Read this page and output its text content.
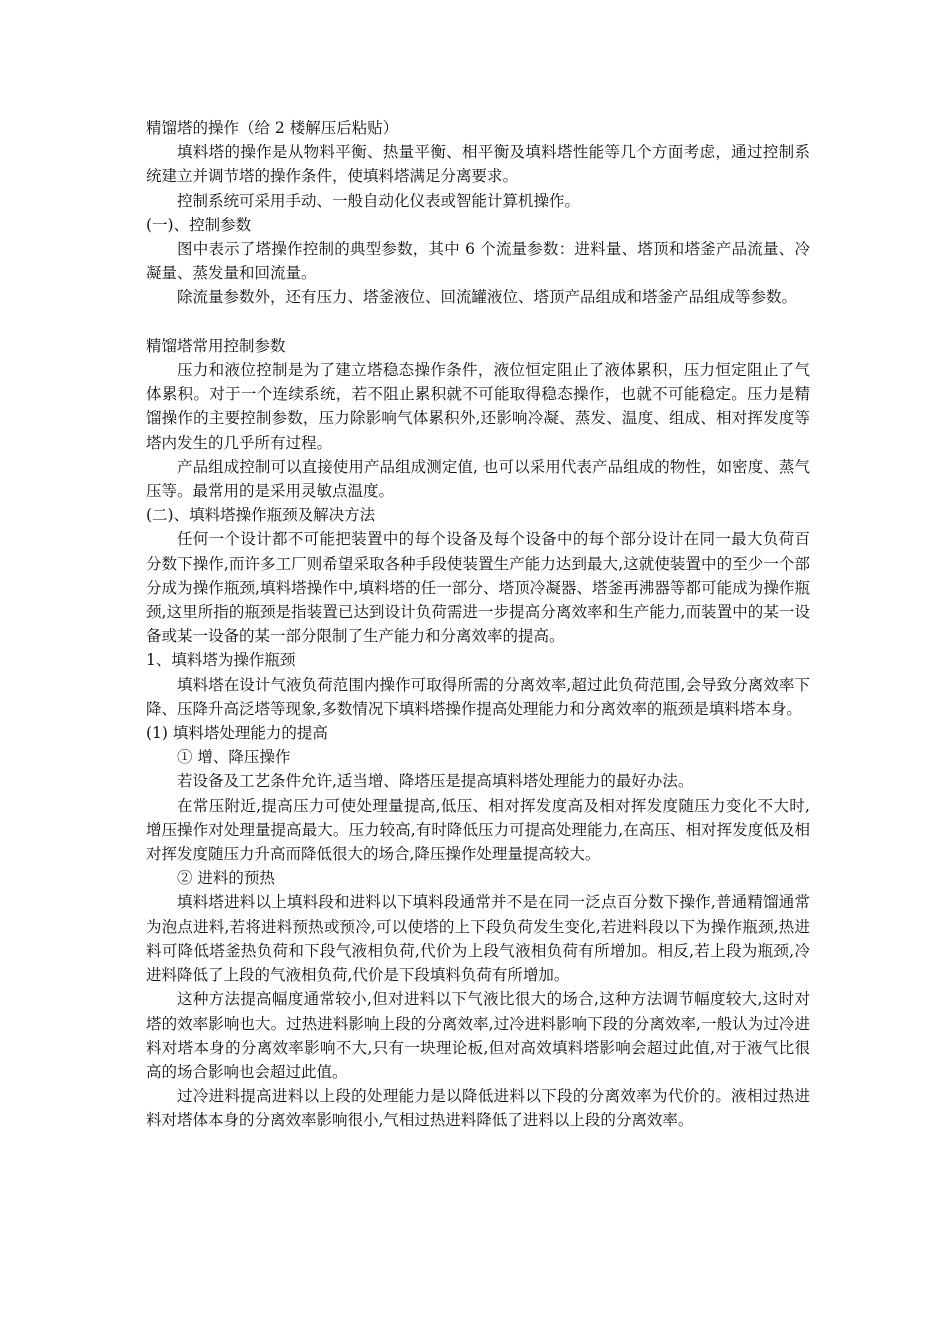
精馏塔的操作（给 2 楼解压后粘贴）

填料塔的操作是从物料平衡、热量平衡、相平衡及填料塔性能等几个方面考虑，通过控制系统建立并调节塔的操作条件，使填料塔满足分离要求。

控制系统可采用手动、一般自动化仪表或智能计算机操作。

(一)、控制参数

图中表示了塔操作控制的典型参数，其中 6 个流量参数：进料量、塔顶和塔釜产品流量、冷凝量、蒸发量和回流量。

除流量参数外，还有压力、塔釜液位、回流罐液位、塔顶产品组成和塔釜产品组成等参数。

精馏塔常用控制参数

压力和液位控制是为了建立塔稳态操作条件，液位恒定阻止了液体累积，压力恒定阻止了气体累积。对于一个连续系统，若不阻止累积就不可能取得稳态操作，也就不可能稳定。压力是精馏操作的主要控制参数，压力除影响气体累积外,还影响冷凝、蒸发、温度、组成、相对挥发度等塔内发生的几乎所有过程。

产品组成控制可以直接使用产品组成测定值, 也可以采用代表产品组成的物性，如密度、蒸气压等。最常用的是采用灵敏点温度。

(二)、填料塔操作瓶颈及解决方法

任何一个设计都不可能把装置中的每个设备及每个设备中的每个部分设计在同一最大负荷百分数下操作,而许多工厂则希望采取各种手段使装置生产能力达到最大,这就使装置中的至少一个部分成为操作瓶颈,填料塔操作中,填料塔的任一部分、塔顶冷凝器、塔釜再沸器等都可能成为操作瓶颈,这里所指的瓶颈是指装置已达到设计负荷需进一步提高分离效率和生产能力,而装置中的某一设备或某一设备的某一部分限制了生产能力和分离效率的提高。

1、填料塔为操作瓶颈

填料塔在设计气液负荷范围内操作可取得所需的分离效率,超过此负荷范围,会导致分离效率下降、压降升高泛塔等现象,多数情况下填料塔操作提高处理能力和分离效率的瓶颈是填料塔本身。

(1) 填料塔处理能力的提高

① 增、降压操作

若设备及工艺条件允许,适当增、降塔压是提高填料塔处理能力的最好办法。

在常压附近,提高压力可使处理量提高,低压、相对挥发度高及相对挥发度随压力变化不大时,增压操作对处理量提高最大。压力较高,有时降低压力可提高处理能力,在高压、相对挥发度低及相对挥发度随压力升高而降低很大的场合,降压操作处理量提高较大。

② 进料的预热

填料塔进料以上填料段和进料以下填料段通常并不是在同一泛点百分数下操作,普通精馏通常为泡点进料,若将进料预热或预冷,可以使塔的上下段负荷发生变化,若进料段以下为操作瓶颈,热进料可降低塔釜热负荷和下段气液相负荷,代价为上段气液相负荷有所增加。相反,若上段为瓶颈,冷进料降低了上段的气液相负荷,代价是下段填料负荷有所增加。

这种方法提高幅度通常较小,但对进料以下气液比很大的场合,这种方法调节幅度较大,这时对塔的效率影响也大。过热进料影响上段的分离效率,过冷进料影响下段的分离效率,一般认为过冷进料对塔本身的分离效率影响不大,只有一块理论板,但对高效填料塔影响会超过此值,对于液气比很高的场合影响也会超过此值。

过冷进料提高进料以上段的处理能力是以降低进料以下段的分离效率为代价的。液相过热进料对塔体本身的分离效率影响很小,气相过热进料降低了进料以上段的分离效率。
